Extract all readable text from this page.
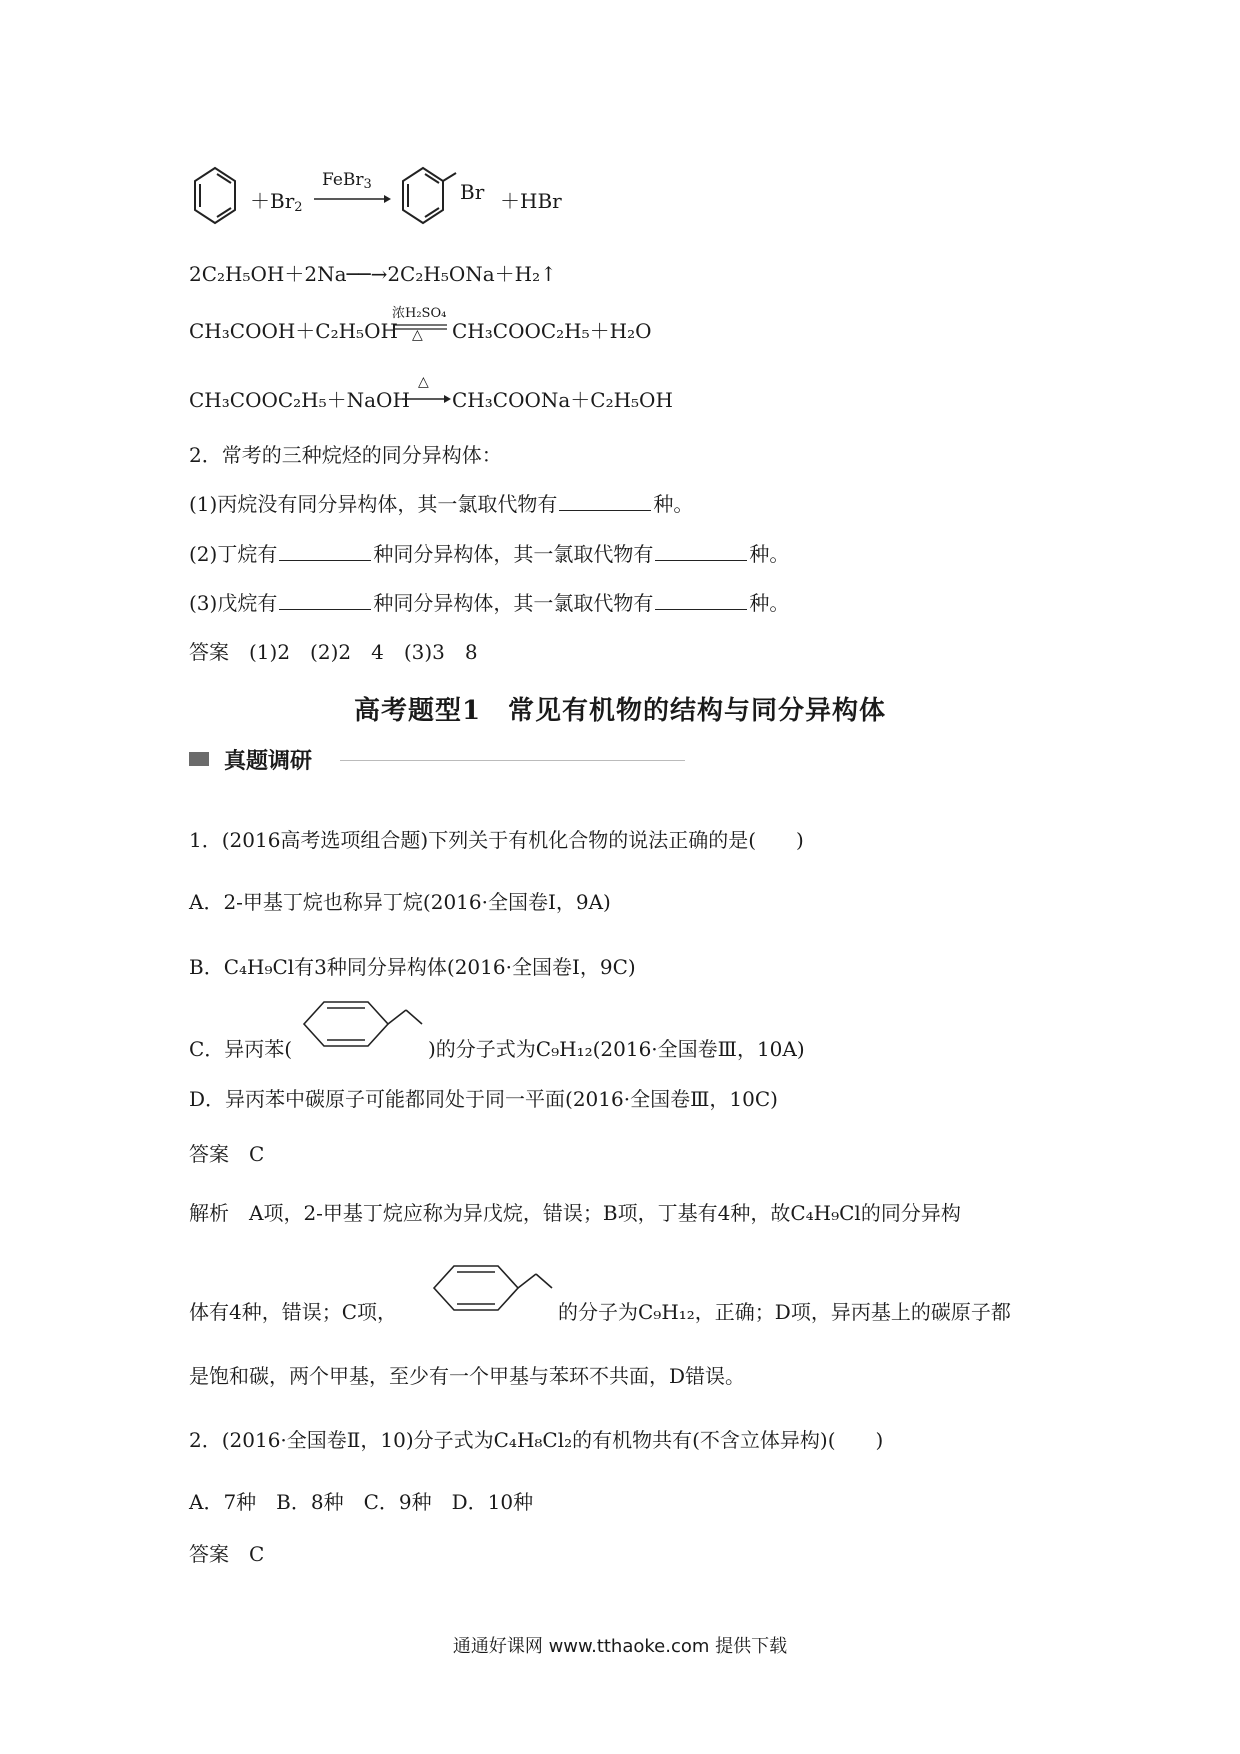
$+Br_2$
FeBr$_3$	Br ＋HBr
2C₂H₅OH＋2Na──→2C₂H₅ONa＋H₂↑
CH₃COOH＋C₂H₅OH
浓H₂SO₄
△ CH₃COOC₂H₅＋H₂O
CH₃COOC₂H₅＋NaOH
△
CH₃COONa＋C₂H₅OH
2．常考的三种烷烃的同分异构体：
(1)丙烷没有同分异构体，其一氯取代物有	种。
(2)丁烷有	种同分异构体，其一氯取代物有	种。
(3)戊烷有	种同分异构体，其一氯取代物有	种。
答案　(1)2　(2)2　4　(3)3　8
高考题型1　常见有机物的结构与同分异构体
真题调研
1．(2016高考选项组合题)下列关于有机化合物的说法正确的是(　　)
A．2-甲基丁烷也称异丁烷(2016·全国卷Ⅰ，9A)
B．C₄H₉Cl有3种同分异构体(2016·全国卷Ⅰ，9C)
C．异丙苯(	)的分子式为C₉H₁₂(2016·全国卷Ⅲ，10A)
D．异丙苯中碳原子可能都同处于同一平面(2016·全国卷Ⅲ，10C)
答案　C
解析　A项，2-甲基丁烷应称为异戊烷，错误；B项，丁基有4种，故C₄H₉Cl的同分异构
体有4种，错误；C项，	的分子为C₉H₁₂，正确；D项，异丙基上的碳原子都
是饱和碳，两个甲基，至少有一个甲基与苯环不共面，D错误。
2．(2016·全国卷Ⅱ，10)分子式为C₄H₈Cl₂的有机物共有(不含立体异构)(　　)
A．7种　B．8种　C．9种　D．10种
答案　C
通通好课网 www.tthaoke.com 提供下载
